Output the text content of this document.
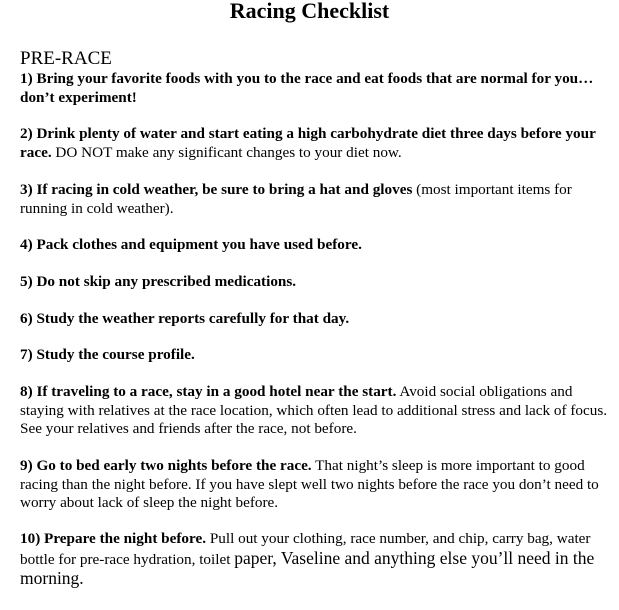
Racing Checklist
PRE-RACE

1) Bring your favorite foods with you to the race and eat foods that are normal for you…don’t experiment!

2) Drink plenty of water and start eating a high carbohydrate diet three days before your race. DO NOT make any significant changes to your diet now.

3) If racing in cold weather, be sure to bring a hat and gloves (most important items for running in cold weather).

4) Pack clothes and equipment you have used before.

5) Do not skip any prescribed medications.

6) Study the weather reports carefully for that day.

7) Study the course profile.

8) If traveling to a race, stay in a good hotel near the start. Avoid social obligations and staying with relatives at the race location, which often lead to additional stress and lack of focus. See your relatives and friends after the race, not before.

9) Go to bed early two nights before the race. That night’s sleep is more important to good racing than the night before. If you have slept well two nights before the race you don’t need to worry about lack of sleep the night before.

10) Prepare the night before. Pull out your clothing, race number, and chip, carry bag, water bottle for pre-race hydration, toilet paper, Vaseline and anything else you’ll need in the morning.
